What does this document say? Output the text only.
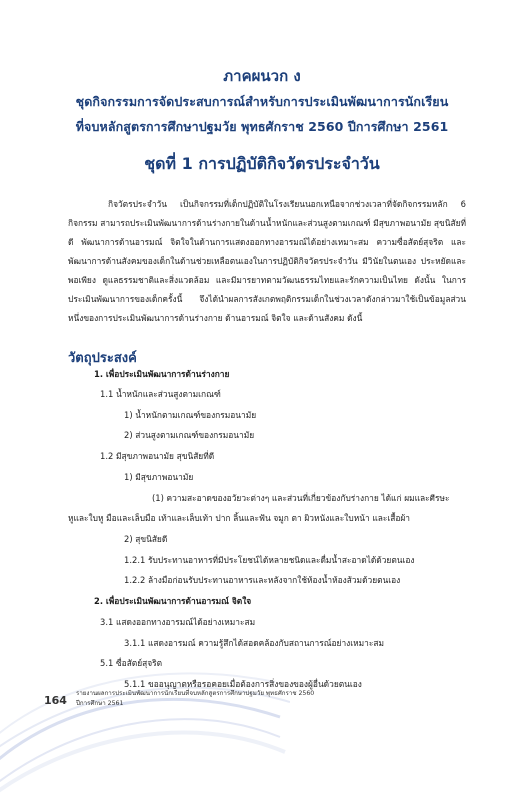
ภาคผนวก ง
ชุดกิจกรรมการจัดประสบการณ์สำหรับการประเมินพัฒนาการนักเรียน
ที่จบหลักสูตรการศึกษาปฐมวัย พุทธศักราช 2560 ปีการศึกษา 2561
ชุดที่ 1 การปฏิบัติกิจวัตรประจำวัน
กิจวัตรประจำวัน เป็นกิจกรรมที่เด็กปฏิบัติในโรงเรียนนอกเหนือจากช่วงเวลาที่จัดกิจกรรมหลัก 6 กิจกรรม สามารถประเมินพัฒนาการด้านร่างกายในด้านน้ำหนักและส่วนสูงตามเกณฑ์ มีสุขภาพอนามัย สุขนิสัยที่ดี พัฒนาการด้านอารมณ์ จิตใจในด้านการแสดงออกทางอารมณ์ได้อย่างเหมาะสม ความซื่อสัตย์สุจริต และพัฒนาการด้านสังคมของเด็กในด้านช่วยเหลือตนเองในการปฏิบัติกิจวัตรประจำวัน มีวินัยในตนเอง ประหยัดและพอเพียง ดูแลธรรมชาติและสิ่งแวดล้อม และมีมารยาทตามวัฒนธรรมไทยและรักความเป็นไทย ดังนั้น ในการประเมินพัฒนาการของเด็กครั้งนี้ จึงได้นำผลการสังเกตพฤติกรรมเด็กในช่วงเวลาดังกล่าวมาใช้เป็นข้อมูลส่วนหนึ่งของการประเมินพัฒนาการด้านร่างกาย ด้านอารมณ์ จิตใจ และด้านสังคม ดังนี้
วัตถุประสงค์
1. เพื่อประเมินพัฒนาการด้านร่างกาย
1.1 น้ำหนักและส่วนสูงตามเกณฑ์
1) น้ำหนักตามเกณฑ์ของกรมอนามัย
2) ส่วนสูงตามเกณฑ์ของกรมอนามัย
1.2 มีสุขภาพอนามัย สุขนิสัยที่ดี
1) มีสุขภาพอนามัย
(1) ความสะอาดของอวัยวะต่างๆ และส่วนที่เกี่ยวข้องกับร่างกาย ได้แก่ ผมและศีรษะ
หูและใบหู มือและเล็บมือ เท้าและเล็บเท้า ปาก ลิ้นและฟัน จมูก ตา ผิวหนังและใบหน้า และเสื้อผ้า
2) สุขนิสัยดี
1.2.1 รับประทานอาหารที่มีประโยชน์ได้หลายชนิดและดื่มน้ำสะอาดได้ด้วยตนเอง
1.2.2 ล้างมือก่อนรับประทานอาหารและหลังจากใช้ห้องน้ำห้องส้วมด้วยตนเอง
2. เพื่อประเมินพัฒนาการด้านอารมณ์ จิตใจ
3.1 แสดงออกทางอารมณ์ได้อย่างเหมาะสม
3.1.1 แสดงอารมณ์ ความรู้สึกได้สอดคล้องกับสถานการณ์อย่างเหมาะสม
5.1 ซื่อสัตย์สุจริต
5.1.1 ขออนุญาตหรือรอคอยเมื่อต้องการสิ่งของของผู้อื่นด้วยตนเอง
164
รายงานผลการประเมินพัฒนาการนักเรียนที่จบหลักสูตรการศึกษาปฐมวัย พุทธศักราช 2560
ปีการศึกษา 2561
